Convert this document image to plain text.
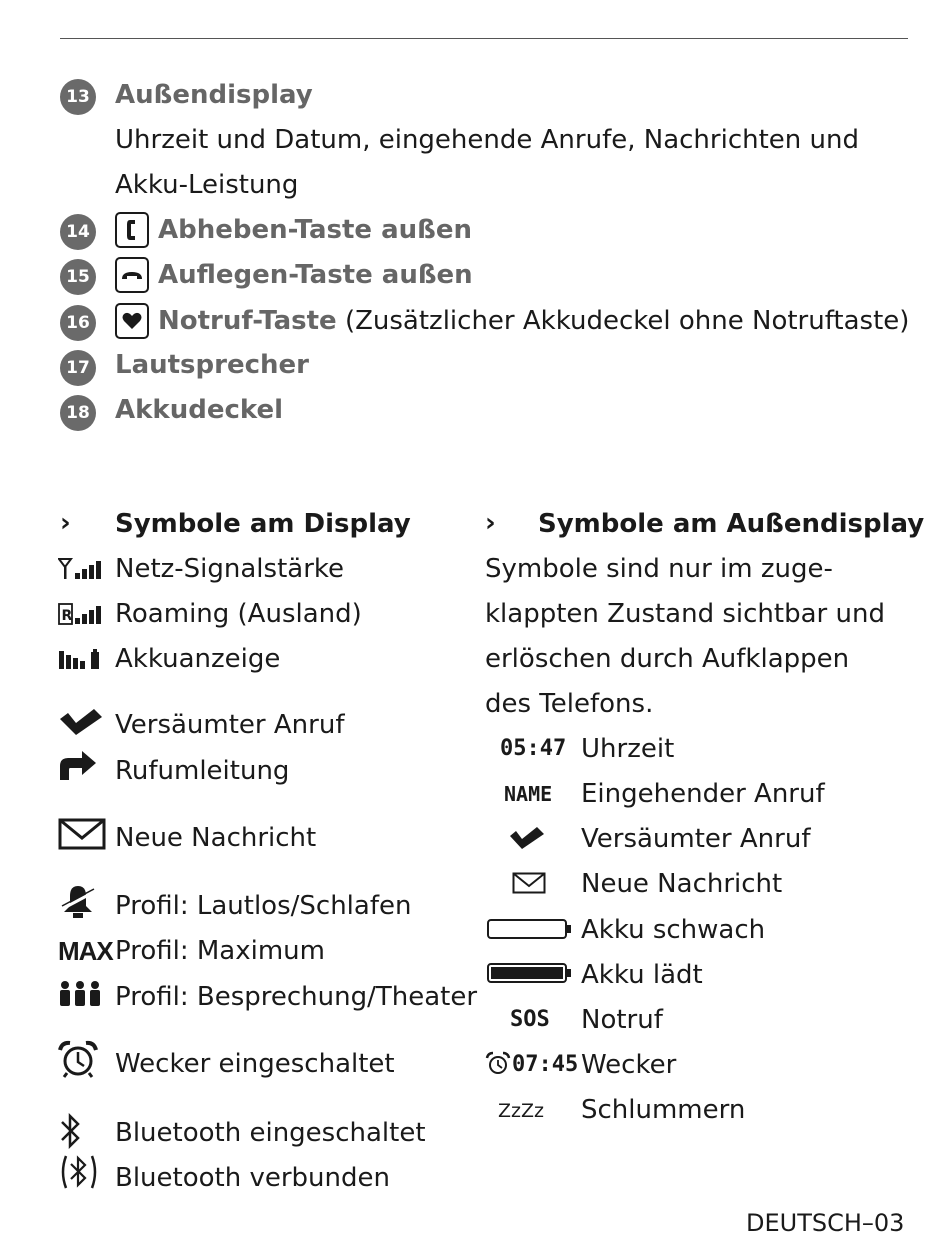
13 Außendisplay
Uhrzeit und Datum, eingehende Anrufe, Nachrichten und
Akku-Leistung
14	Abheben-Taste außen
15	Auflegen-Taste außen
16	Notruf-Taste (Zusätzlicher Akkudeckel ohne Notruftaste)
17 Lautsprecher
18 Akkudeckel
› Symbole am Display
Netz-Signalstärke
R Roaming (Ausland)
Akkuanzeige
Versäumter Anruf
Rufumleitung
Neue Nachricht
Profil: Lautlos/Schlafen
MAX Profil: Maximum
Profil: Besprechung/Theater
Wecker eingeschaltet
Bluetooth eingeschaltet
Bluetooth verbunden
› Symbole am Außendisplay
Symbole sind nur im zuge-
klappten Zustand sichtbar und
erlöschen durch Aufklappen
des Telefons.
05:47 Uhrzeit
NAME Eingehender Anruf
Versäumter Anruf
Neue Nachricht
Akku schwach
Akku lädt
SOS Notruf
07:45 Wecker
ZzZz Schlummern
DEUTSCH–03
